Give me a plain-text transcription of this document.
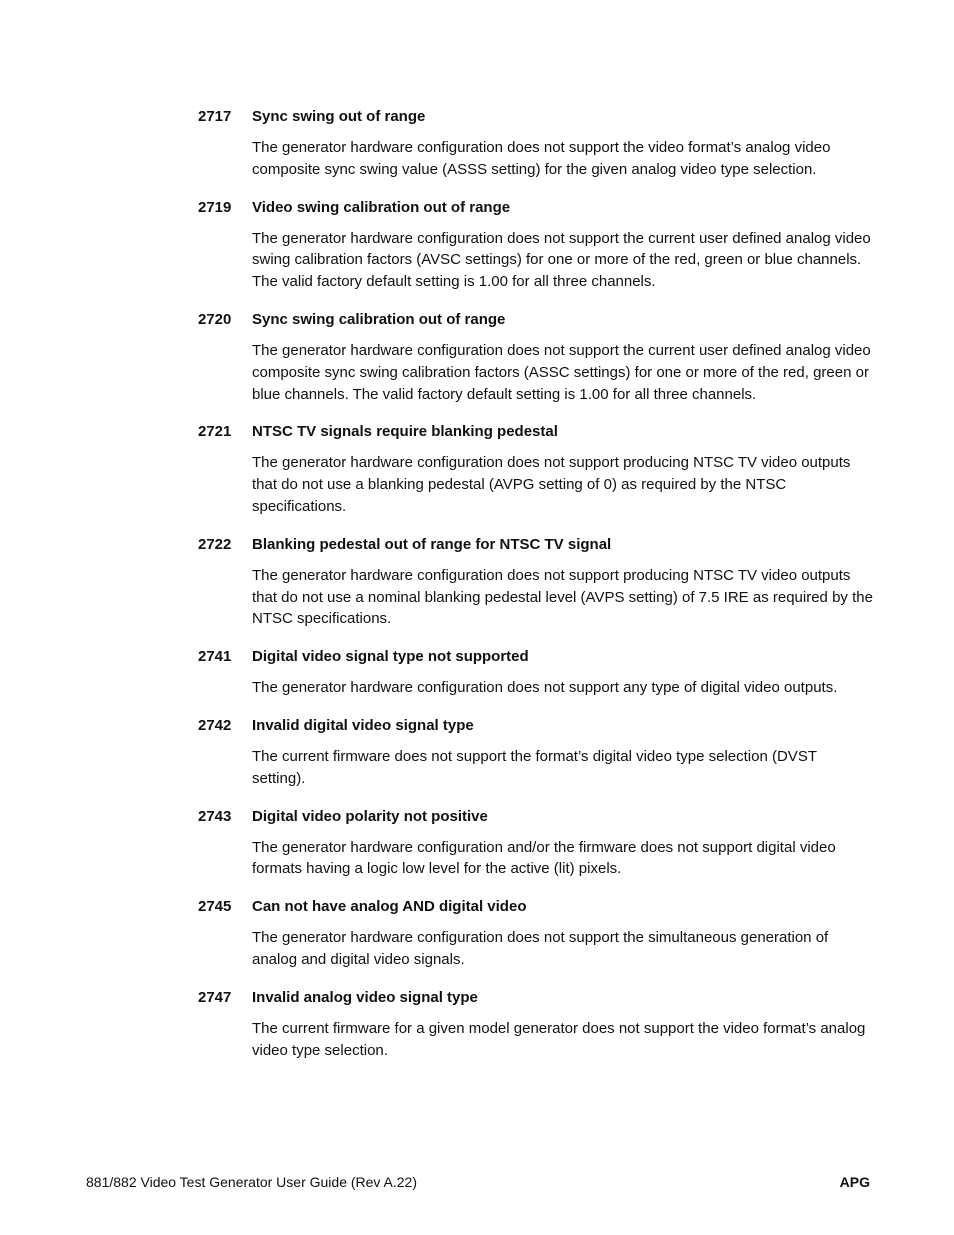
2717	Sync swing out of range

The generator hardware configuration does not support the video format’s analog video composite sync swing value (ASSS setting) for the given analog video type selection.

2719	Video swing calibration out of range

The generator hardware configuration does not support the current user defined analog video swing calibration factors (AVSC settings) for one or more of the red, green or blue channels. The valid factory default setting is 1.00 for all three channels.

2720	Sync swing calibration out of range

The generator hardware configuration does not support the current user defined analog video composite sync swing calibration factors (ASSC settings) for one or more of the red, green or blue channels. The valid factory default setting is 1.00 for all three channels.

2721	NTSC TV signals require blanking pedestal

The generator hardware configuration does not support producing NTSC TV video outputs that do not use a blanking pedestal (AVPG setting of 0) as required by the NTSC specifications.

2722	Blanking pedestal out of range for NTSC TV signal

The generator hardware configuration does not support producing NTSC TV video outputs that do not use a nominal blanking pedestal level (AVPS setting) of 7.5 IRE as required by the NTSC specifications.

2741	Digital video signal type not supported

The generator hardware configuration does not support any type of digital video outputs.

2742	Invalid digital video signal type

The current firmware does not support the format’s digital video type selection (DVST setting).

2743	Digital video polarity not positive

The generator hardware configuration and/or the firmware does not support digital video formats having a logic low level for the active (lit) pixels.

2745	Can not have analog AND digital video

The generator hardware configuration does not support the simultaneous generation of analog and digital video signals.

2747	Invalid analog video signal type

The current firmware for a given model generator does not support the video format’s analog video type selection.

881/882 Video Test Generator User Guide (Rev A.22)	APG
